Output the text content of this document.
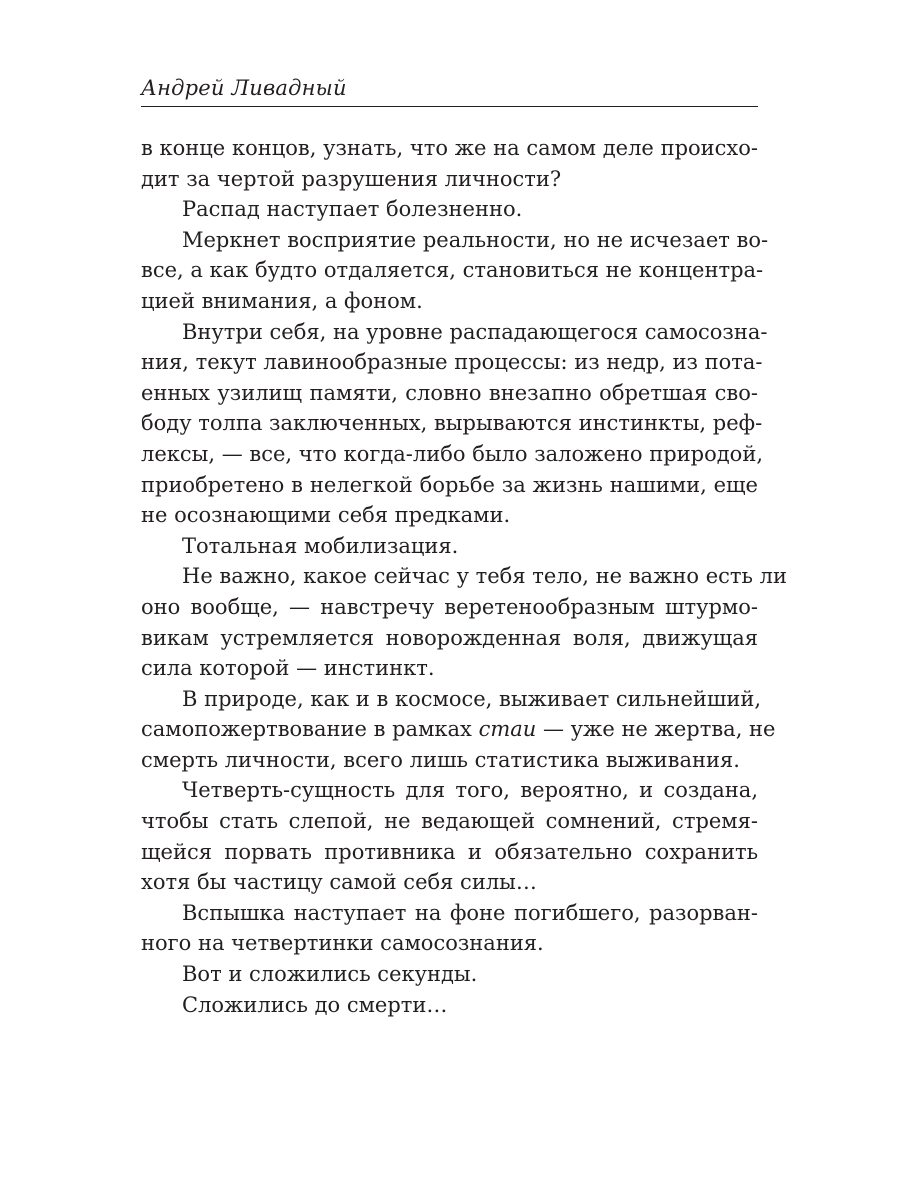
Андрей Ливадный

в конце концов, узнать, что же на самом деле происхо-
дит за чертой разрушения личности?

Распад наступает болезненно.

Меркнет восприятие реальности, но не исчезает во-
все, а как будто отдаляется, становиться не концентра-
цией внимания, а фоном.

Внутри себя, на уровне распадающегося самосозна-
ния, текут лавинообразные процессы: из недр, из пота-
енных узилищ памяти, словно внезапно обретшая сво-
боду толпа заключенных, вырываются инстинкты, реф-
лексы, — все, что когда-либо было заложено природой,
приобретено в нелегкой борьбе за жизнь нашими, еще
не осознающими себя предками.

Тотальная мобилизация.

Не важно, какое сейчас у тебя тело, не важно есть ли
оно вообще, — навстречу веретенообразным штурмо-
викам устремляется новорожденная воля, движущая
сила которой — инстинкт.

В природе, как и в космосе, выживает сильнейший,
самопожертвование в рамках стаи — уже не жертва, не
смерть личности, всего лишь статистика выживания.

Четверть-сущность для того, вероятно, и создана,
чтобы стать слепой, не ведающей сомнений, стремя-
щейся порвать противника и обязательно сохранить
хотя бы частицу самой себя силы…

Вспышка наступает на фоне погибшего, разорван-
ного на четвертинки самосознания.

Вот и сложились секунды.

Сложились до смерти…
